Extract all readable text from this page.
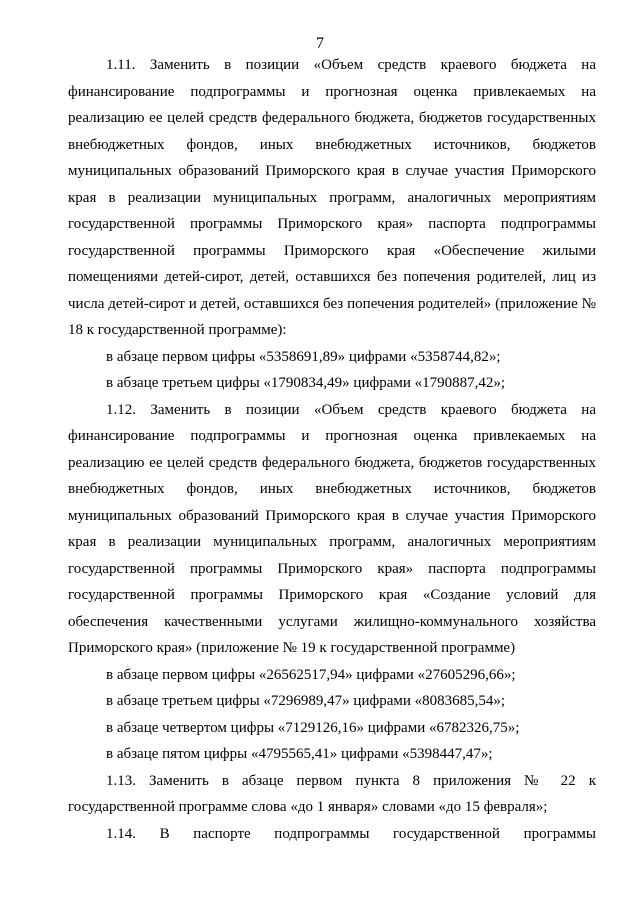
7

1.11. Заменить в позиции «Объем средств краевого бюджета на финансирование подпрограммы и прогнозная оценка привлекаемых на реализацию ее целей средств федерального бюджета, бюджетов государственных внебюджетных фондов, иных внебюджетных источников, бюджетов муниципальных образований Приморского края в случае участия Приморского края в реализации муниципальных программ, аналогичных мероприятиям государственной программы Приморского края» паспорта подпрограммы государственной программы Приморского края «Обеспечение жилыми помещениями детей-сирот, детей, оставшихся без попечения родителей, лиц из числа детей-сирот и детей, оставшихся без попечения родителей» (приложение № 18 к государственной программе):

в абзаце первом цифры «5358691,89» цифрами «5358744,82»;

в абзаце третьем цифры «1790834,49» цифрами «1790887,42»;

1.12. Заменить в позиции «Объем средств краевого бюджета на финансирование подпрограммы и прогнозная оценка привлекаемых на реализацию ее целей средств федерального бюджета, бюджетов государственных внебюджетных фондов, иных внебюджетных источников, бюджетов муниципальных образований Приморского края в случае участия Приморского края в реализации муниципальных программ, аналогичных мероприятиям государственной программы Приморского края» паспорта подпрограммы государственной программы Приморского края «Создание условий для обеспечения качественными услугами жилищно-коммунального хозяйства Приморского края» (приложение № 19 к государственной программе)

в абзаце первом цифры «26562517,94» цифрами «27605296,66»;

в абзаце третьем цифры «7296989,47» цифрами «8083685,54»;

в абзаце четвертом цифры «7129126,16» цифрами «6782326,75»;

в абзаце пятом цифры «4795565,41» цифрами «5398447,47»;

1.13. Заменить в абзаце первом пункта 8 приложения № 22 к государственной программе слова «до 1 января» словами «до 15 февраля»;

1.14. В паспорте подпрограммы государственной программы
